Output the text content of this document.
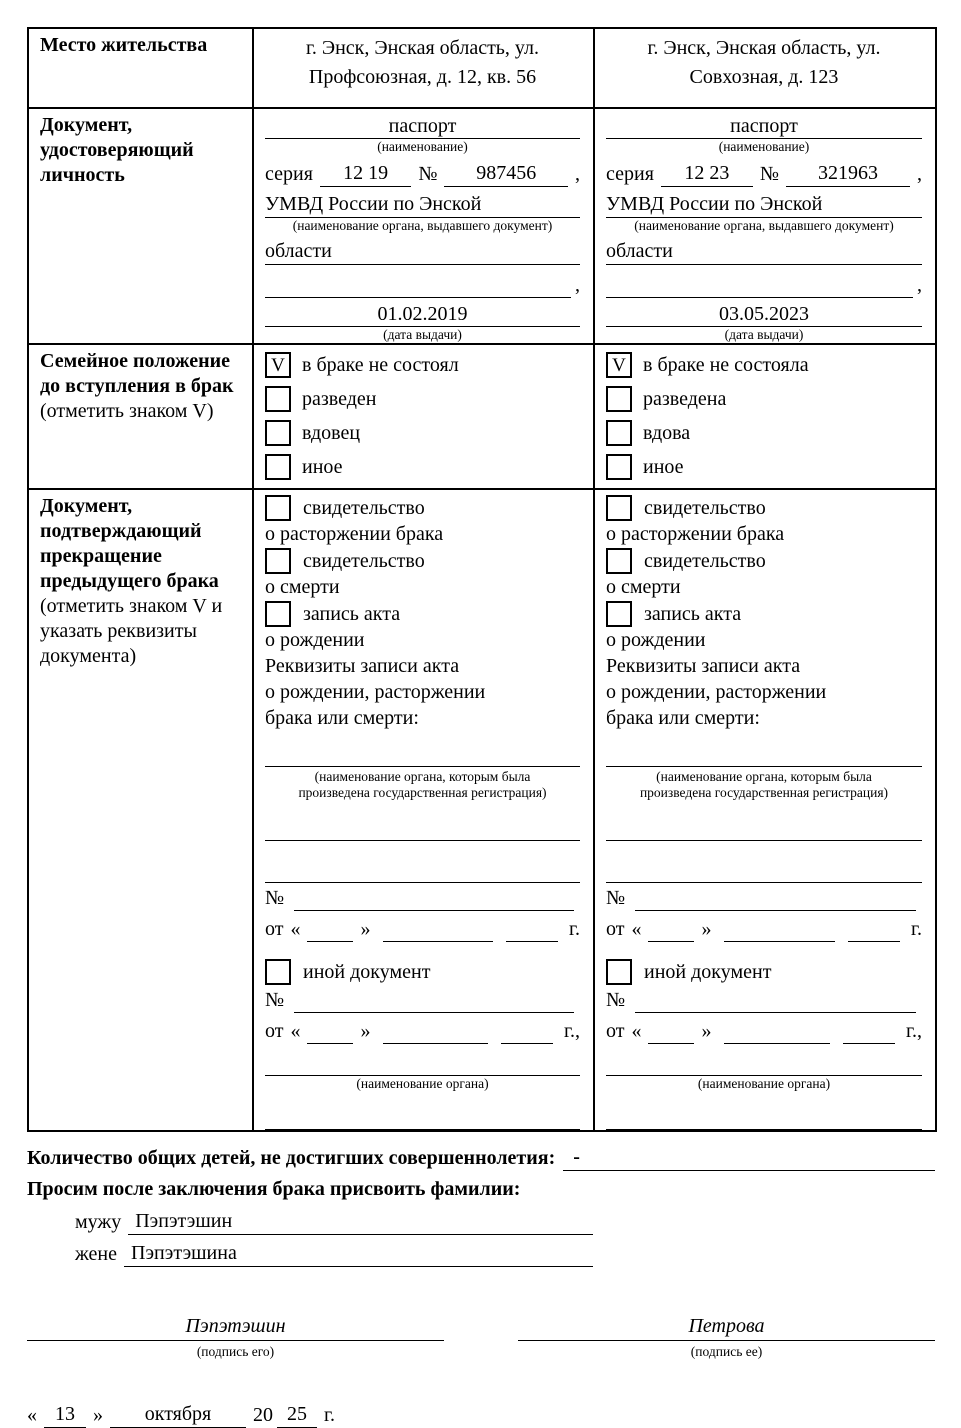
Место жительства	г. Энск, Энская область, ул.
Профсоюзная, д. 12, кв. 56

г. Энск, Энская область, ул.
Совхозная, д. 123

Документ, удостоверяющий личность	
паспорт
(наименование)
серия	12 19	№	987456	,
УМВД России по Энской
(наименование органа, выдавшего документ)
области
,
01.02.2019
(дата выдачи)

паспорт
(наименование)
серия	12 23	№	321963	,
УМВД России по Энской
(наименование органа, выдавшего документ)
области
,
03.05.2023
(дата выдачи)

Семейное положение до вступления в брак (отметить знаком V)	
V в браке не состоял
разведен
вдовец
иное

V в браке не состояла
разведена
вдова
иное

Документ, подтверждающий прекращение предыдущего брака (отметить знаком V и указать реквизиты документа)	
свидетельство
о расторжении брака
свидетельство
о смерти
запись акта
о рождении
Реквизиты записи акта
о рождении, расторжении
брака или смерти:
(наименование органа, которым была произведена государственная регистрация)
№
от «	»	г.
иной документ
№
от «	»	г.,
(наименование органа)

свидетельство
о расторжении брака
свидетельство
о смерти
запись акта
о рождении
Реквизиты записи акта
о рождении, расторжении
брака или смерти:
(наименование органа, которым была произведена государственная регистрация)
№
от «	»	г.
иной документ
№
от «	»	г.,
(наименование органа)
Количество общих детей, не достигших совершеннолетия: -
Просим после заключения брака присвоить фамилии:
мужу Пэпэтэшин
жене Пэпэтэшина
Пэпэтэшин
(подпись его)
Петрова
(подпись ее)
« 13 »	октября	20 25 г.
